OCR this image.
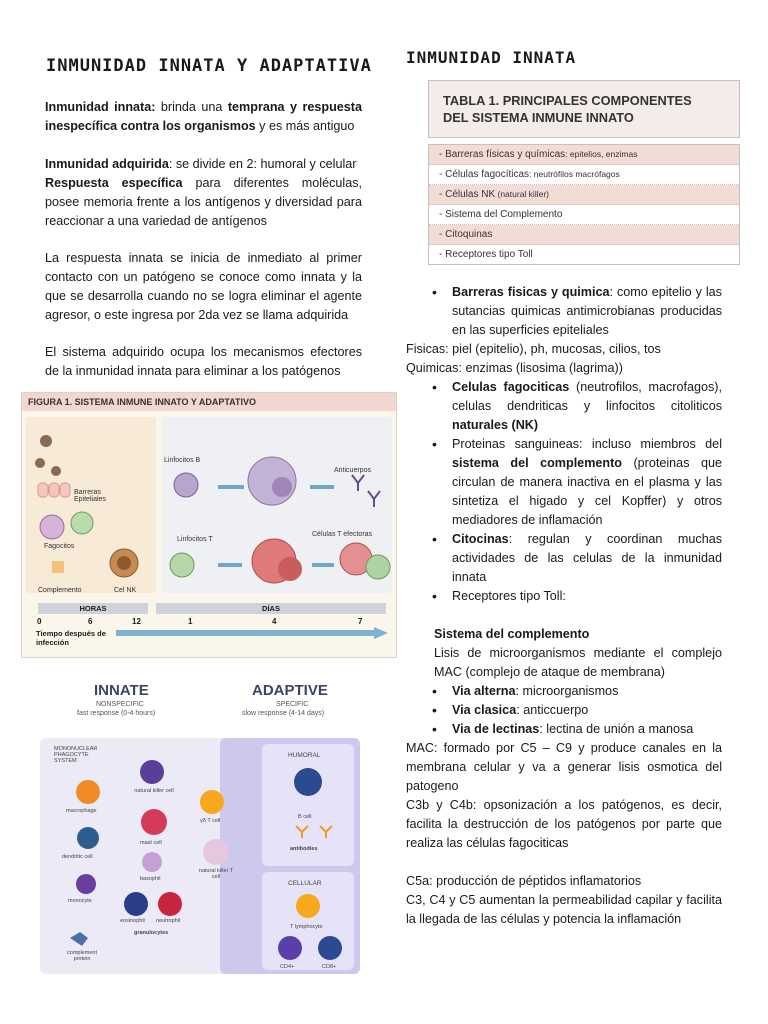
INMUNIDAD INNATA Y ADAPTATIVA
Inmunidad innata: brinda una temprana y respuesta inespecífica contra los organismos y es más antiguo
Inmunidad adquirida: se divide en 2: humoral y celular
Respuesta específica para diferentes moléculas, posee memoria frente a los antígenos y diversidad para reaccionar a una variedad de antígenos
La respuesta innata se inicia de inmediato al primer contacto con un patógeno se conoce como innata y la que se desarrolla cuando no se logra eliminar el agente agresor, o este ingresa por 2da vez se llama adquirida
El sistema adquirido ocupa los mecanismos efectores de la inmunidad innata para eliminar a los patógenos
FIGURA 1. SISTEMA INMUNE INNATO Y ADAPTATIVO
Barreras Epiteliales
Fagocitos
Complemento	Cel NK
Linfocitos B
Linfocitos T
Anticuerpos
Células T efectoras
HORAS	DÍAS
0	6	12	1	4	7
Tiempo después de infección
INNATE
NONSPECIFIC
fast response (0-4 hours)
ADAPTIVE
SPECIFIC
slow response (4-14 days)
MONONUCLEAR PHAGOCYTE SYSTEM
macrophage
dendritic cell
monocyte
complement protein
natural killer cell
mast cell
basophil
eosinophil neutrophil
granulocytes
γδ T cell
natural killer T cell
HUMORAL
B cell
antibodies
CELLULAR
T lymphocyte
CD4+	CD8+
INMUNIDAD INNATA
TABLA 1. PRINCIPALES COMPONENTES DEL SISTEMA INMUNE INNATO
- Barreras físicas y químicas: epitelios, enzimas
- Células fagocíticas: neutrófilos macrófagos
- Células NK (natural killer)
- Sistema del Complemento
- Citoquinas
- Receptores tipo Toll
• Barreras fisicas y quimica: como epitelio y las sutancias quimicas antimicrobianas producidas en las superficies epiteliales
Fisicas: piel (epitelio), ph, mucosas, cilios, tos
Quimicas: enzimas (lisosima (lagrima))
• Celulas fagociticas (neutrofilos, macrofagos), celulas dendriticas y linfocitos citoliticos naturales (NK)
• Proteinas sanguineas: incluso miembros del sistema del complemento (proteinas que circulan de manera inactiva en el plasma y las sintetiza el higado y cel Kopffer) y otros mediadores de inflamación
• Citocinas: regulan y coordinan muchas actividades de las celulas de la inmunidad innata
• Receptores tipo Toll:
Sistema del complemento
Lisis de microorganismos mediante el complejo MAC (complejo de ataque de membrana)
• Via alterna: microorganismos
• Via clasica: anticcuerpo
• Via de lectinas: lectina de unión a manosa
MAC: formado por C5 – C9 y produce canales en la membrana celular y va a generar lisis osmotica del patogeno
C3b y C4b: opsonización a los patógenos, es decir, facilita la destrucción de los patógenos por parte que realiza las células fagociticas
C5a: producción de péptidos inflamatorios
C3, C4 y C5 aumentan la permeabilidad capilar y facilita la llegada de las células y potencia la inflamación
